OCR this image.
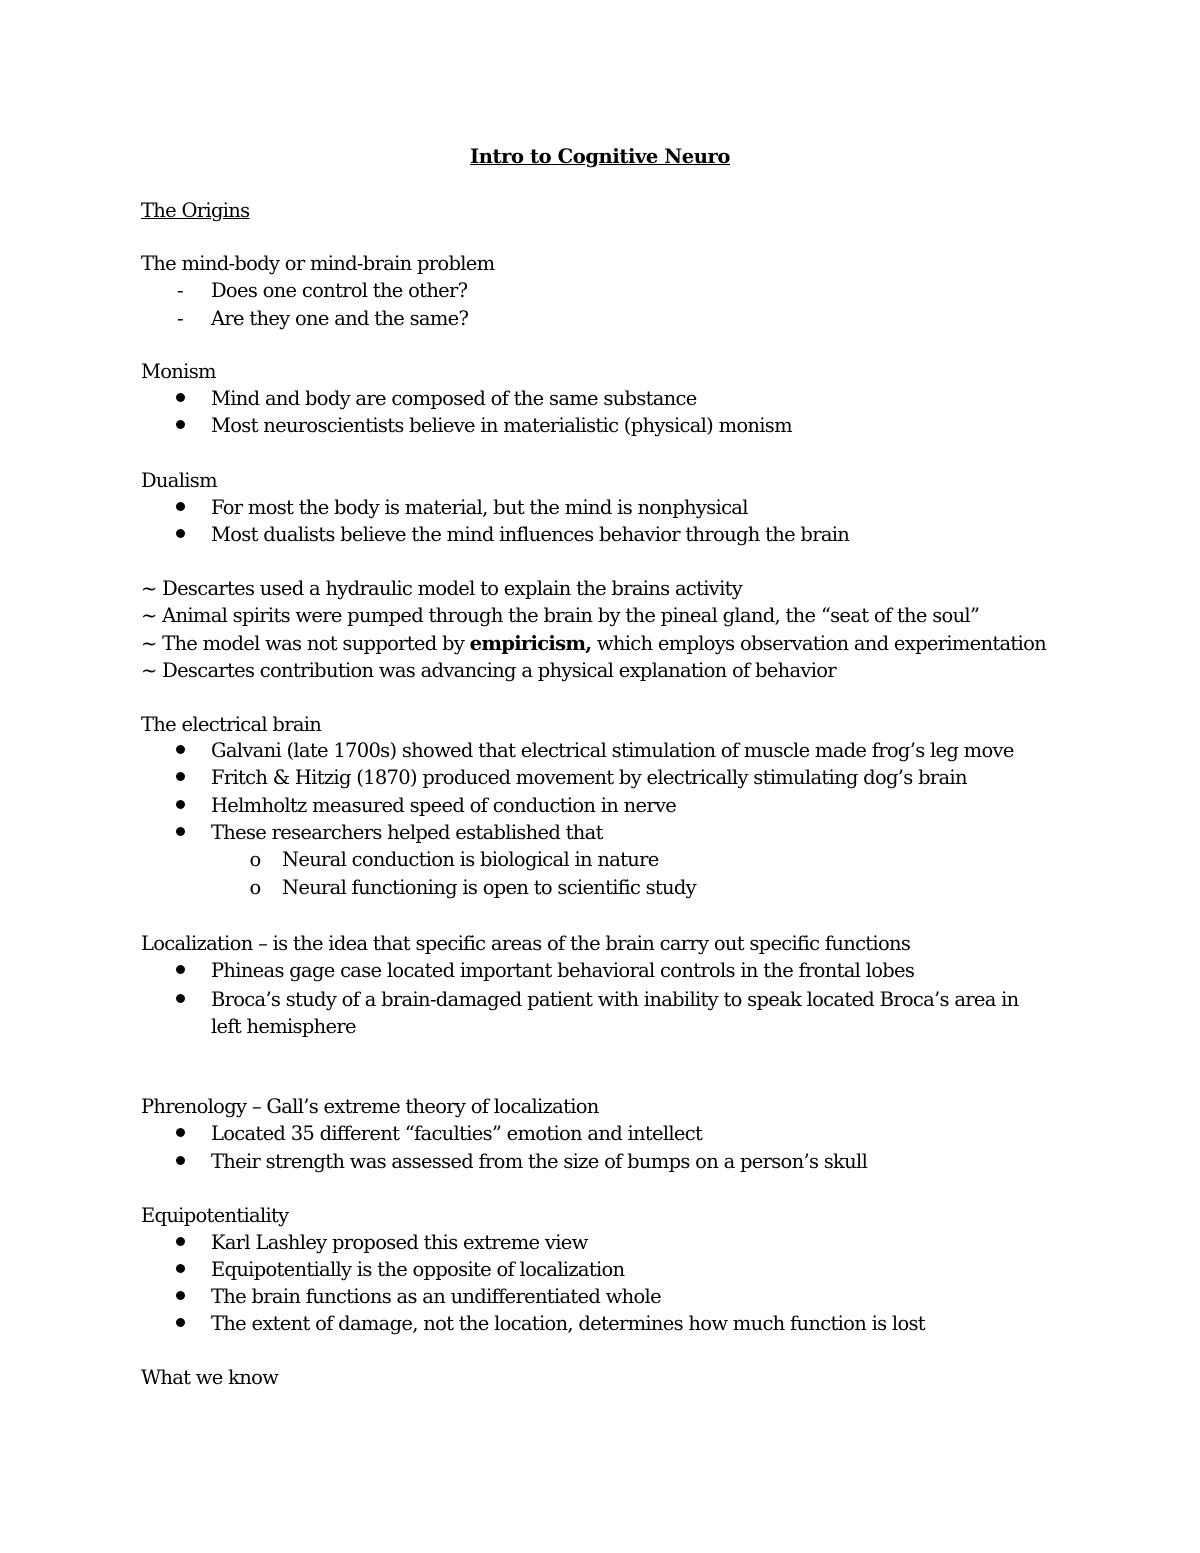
Intro to Cognitive Neuro
The Origins
The mind-body or mind-brain problem
-	Does one control the other?
-	Are they one and the same?
Monism
Mind and body are composed of the same substance
Most neuroscientists believe in materialistic (physical) monism
Dualism
For most the body is material, but the mind is nonphysical
Most dualists believe the mind influences behavior through the brain
~ Descartes used a hydraulic model to explain the brains activity
~ Animal spirits were pumped through the brain by the pineal gland, the “seat of the soul”
~ The model was not supported by empiricism, which employs observation and experimentation
~ Descartes contribution was advancing a physical explanation of behavior
The electrical brain
Galvani (late 1700s) showed that electrical stimulation of muscle made frog’s leg move
Fritch & Hitzig (1870) produced movement by electrically stimulating dog’s brain
Helmholtz measured speed of conduction in nerve
These researchers helped established that
o Neural conduction is biological in nature
o Neural functioning is open to scientific study
Localization – is the idea that specific areas of the brain carry out specific functions
Phineas gage case located important behavioral controls in the frontal lobes
Broca’s study of a brain-damaged patient with inability to speak located Broca’s area in
left hemisphere
Phrenology – Gall’s extreme theory of localization
Located 35 different “faculties” emotion and intellect
Their strength was assessed from the size of bumps on a person’s skull
Equipotentiality
Karl Lashley proposed this extreme view
Equipotentially is the opposite of localization
The brain functions as an undifferentiated whole
The extent of damage, not the location, determines how much function is lost
What we know
